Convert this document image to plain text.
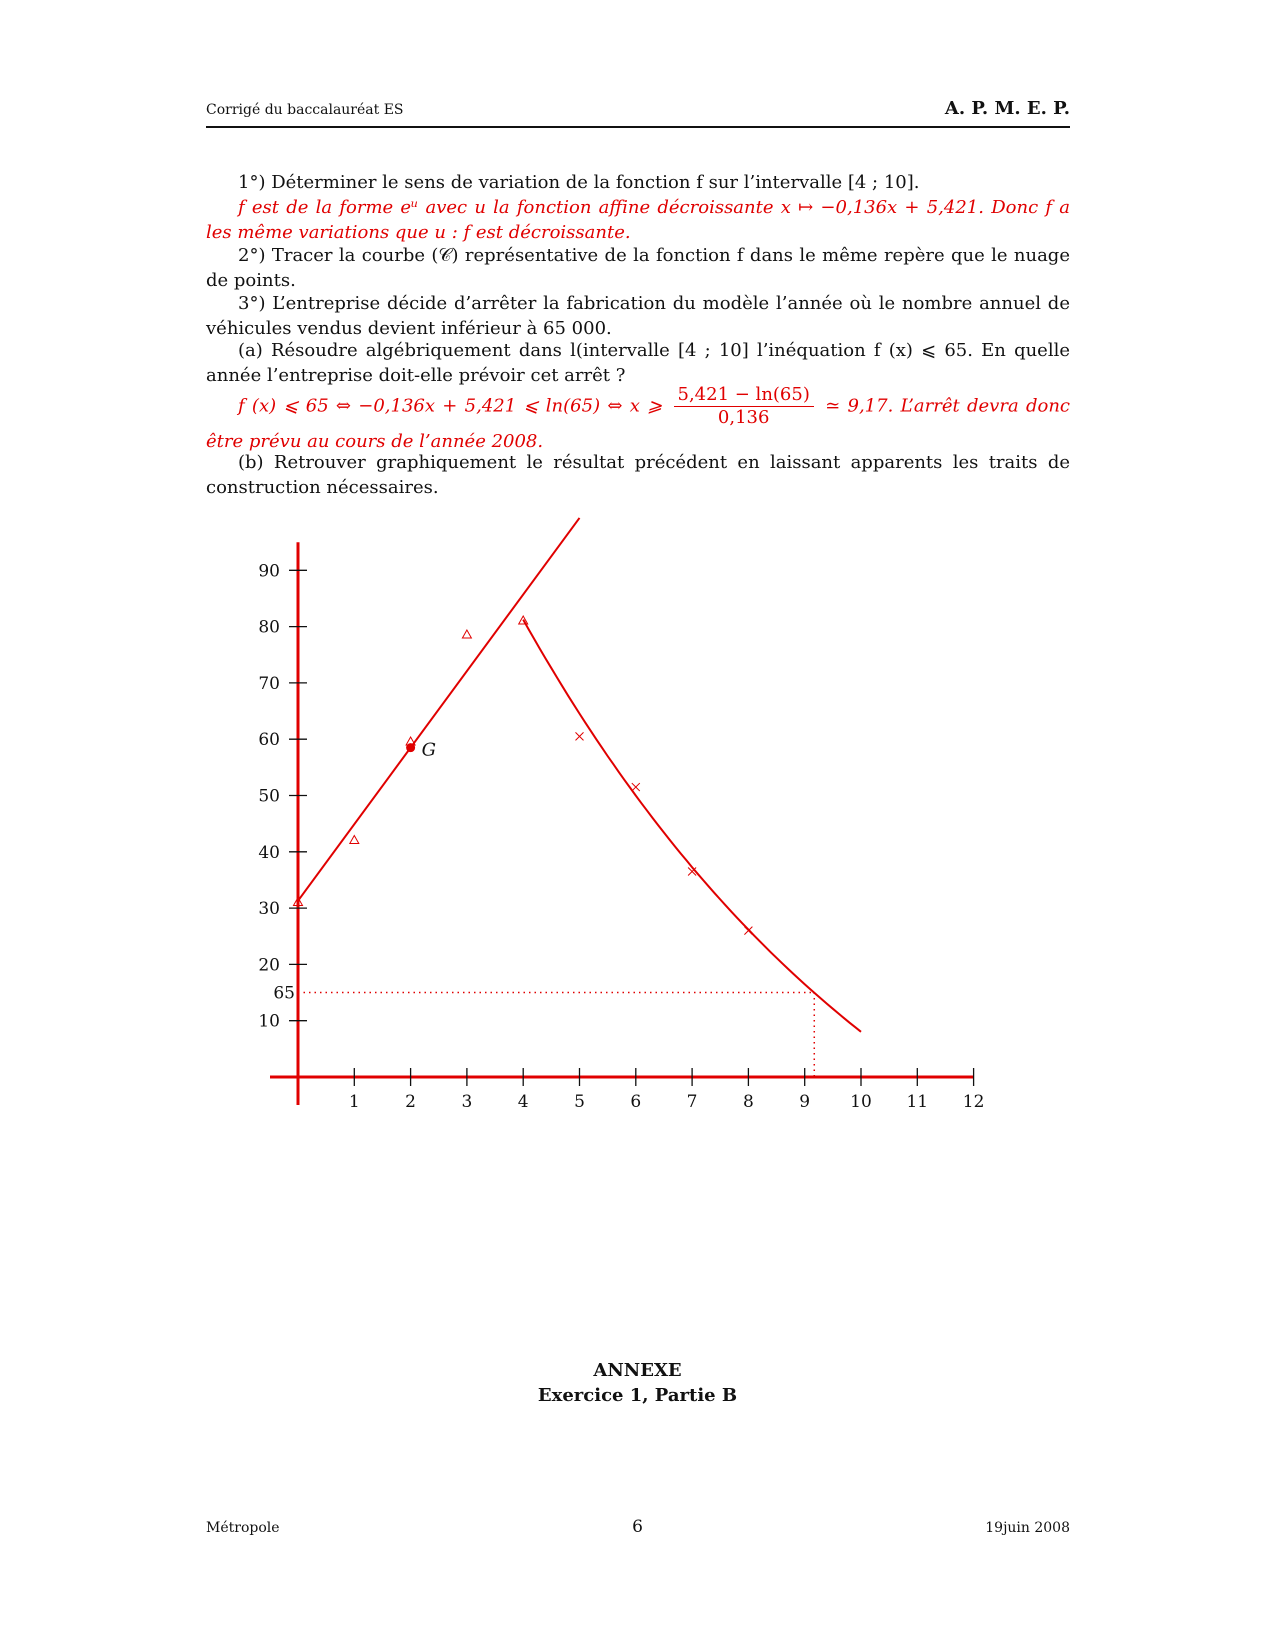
Corrigé du baccalauréat ES	A. P. M. E. P.
1°) Déterminer le sens de variation de la fonction f sur l’intervalle [4 ; 10].
f est de la forme eᵘ avec u la fonction affine décroissante x ↦ −0,136x + 5,421. Donc f a les même variations que u : f est décroissante.
2°) Tracer la courbe (𝒞) représentative de la fonction f dans le même repère que le nuage de points.
3°) L’entreprise décide d’arrêter la fabrication du modèle l’année où le nombre annuel de véhicules vendus devient inférieur à 65 000.
(a) Résoudre algébriquement dans l(intervalle [4 ; 10] l’inéquation f (x) ⩽ 65. En quelle année l’entreprise doit-elle prévoir cet arrêt ?
f (x) ⩽ 65 ⇔ −0,136x + 5,421 ⩽ ln(65) ⇔ x ⩾ $\frac{5,421 - \ln(65)}{0,136}$ ≃ 9,17. L’arrêt devra donc être prévu au cours de l’année 2008.
(b) Retrouver graphiquement le résultat précédent en laissant apparents les traits de construction nécessaires.
1	2	3	4	5	6	7	8	9 10 11 12
10
20
30
40
50
60
70
80
90
65
G
ANNEXE
Exercice 1, Partie B
Métropole	6	19juin 2008
